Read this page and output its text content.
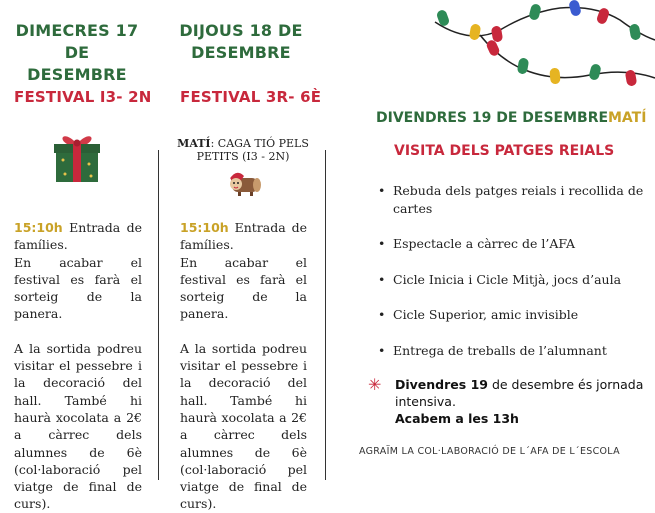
DIMECRES 17 DE
DESEMBRE
FESTIVAL I3- 2N

15:10h Entrada de famílies.

En acabar el festival es farà el sorteig de la panera.

A la sortida podreu visitar el pessebre i la decoració del hall. També hi haurà xocolata a 2€ a càrrec dels alumnes de 6è (col·laboració pel viatge de final de curs).

DIJOUS 18 DE
DESEMBRE
FESTIVAL 3R- 6È
MATÍ: CAGA TIÓ PELS PETITS (I3 - 2N)

15:10h Entrada de famílies.

En acabar el festival es farà el sorteig de la panera.

A la sortida podreu visitar el pessebre i la decoració del hall. També hi haurà xocolata a 2€ a càrrec dels alumnes de 6è (col·laboració pel viatge de final de curs).

DIVENDRES 19 DE DESEMBRE MATÍ
VISITA DELS PATGES REIALS
• Rebuda dels patges reials i recollida de cartes
• Espectacle a càrrec de l’AFA
• Cicle Inicia i Cicle Mitjà, jocs d’aula
• Cicle Superior, amic invisible
• Entrega de treballs de l’alumnant
✳ Divendres 19 de desembre és jornada intensiva.
Acabem a les 13h
AGRAÏM LA COL·LABORACIÓ DE L´AFA DE L´ESCOLA
